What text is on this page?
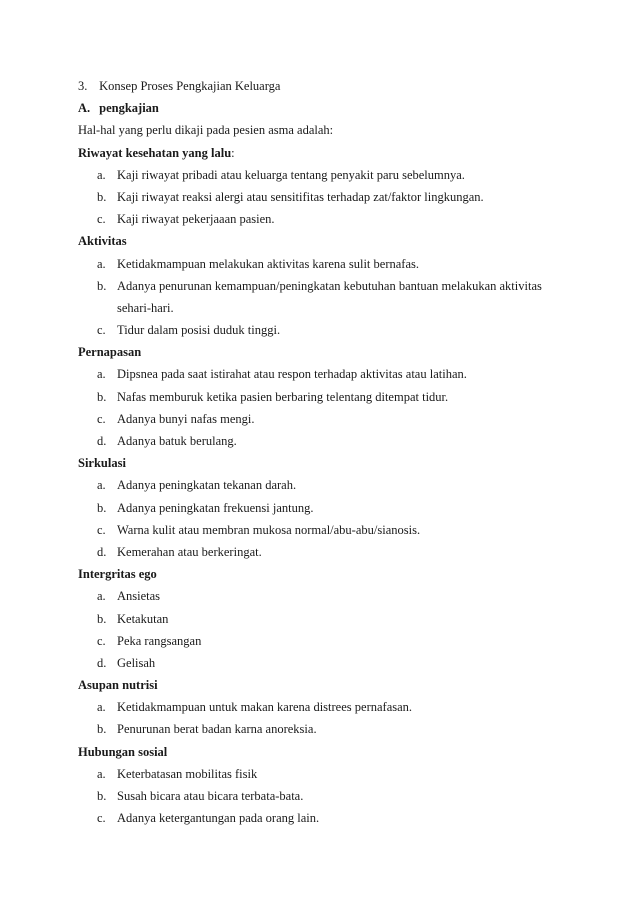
3. Konsep Proses Pengkajian Keluarga
A. pengkajian
Hal-hal yang perlu dikaji pada pesien asma adalah:
Riwayat kesehatan yang lalu:
a. Kaji riwayat pribadi atau keluarga tentang penyakit paru sebelumnya.
b. Kaji riwayat reaksi alergi atau sensitifitas terhadap zat/faktor lingkungan.
c. Kaji riwayat pekerjaaan pasien.
Aktivitas
a. Ketidakmampuan melakukan aktivitas karena sulit bernafas.
b. Adanya penurunan kemampuan/peningkatan kebutuhan bantuan melakukan aktivitas sehari-hari.
c. Tidur dalam posisi duduk tinggi.
Pernapasan
a. Dipsnea pada saat istirahat atau respon terhadap aktivitas atau latihan.
b. Nafas memburuk ketika pasien berbaring telentang ditempat tidur.
c. Adanya bunyi nafas mengi.
d. Adanya batuk berulang.
Sirkulasi
a. Adanya peningkatan tekanan darah.
b. Adanya peningkatan frekuensi jantung.
c. Warna kulit atau membran mukosa normal/abu-abu/sianosis.
d. Kemerahan atau berkeringat.
Intergritas ego
a. Ansietas
b. Ketakutan
c. Peka rangsangan
d. Gelisah
Asupan nutrisi
a. Ketidakmampuan untuk makan karena distrees pernafasan.
b. Penurunan berat badan karna anoreksia.
Hubungan sosial
a. Keterbatasan mobilitas fisik
b. Susah bicara atau bicara terbata-bata.
c. Adanya ketergantungan pada orang lain.
